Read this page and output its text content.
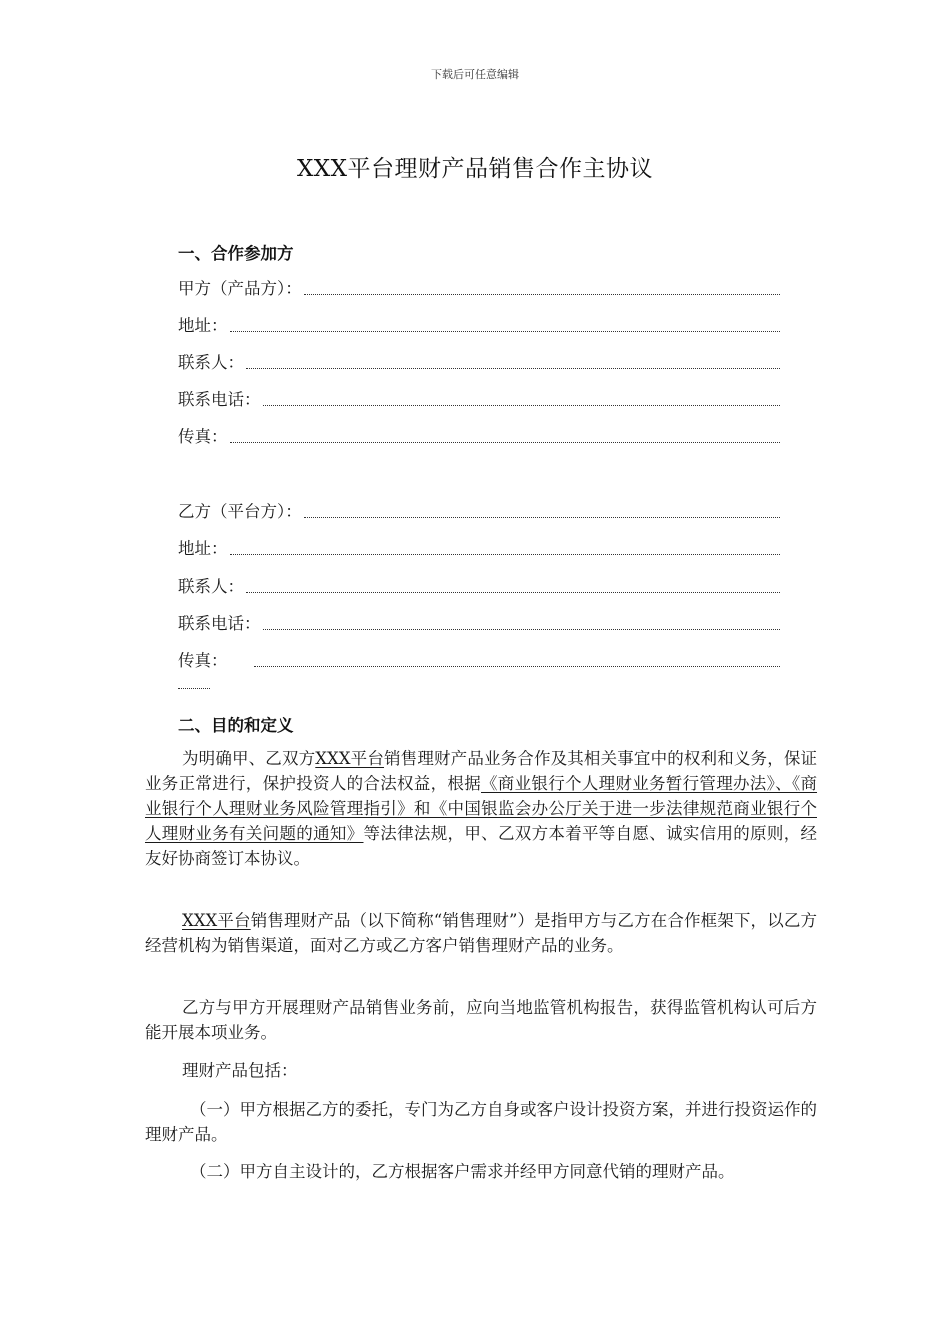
下载后可任意编辑
XXX平台理财产品销售合作主协议
一、合作参加方
甲方（产品方）：
地址：
联系人：
联系电话：
传真：
乙方（平台方）：
地址：
联系人：
联系电话：
传真：
二、目的和定义
为明确甲、乙双方XXX平台销售理财产品业务合作及其相关事宜中的权利和义务，保证业务正常进行，保护投资人的合法权益，根据《商业银行个人理财业务暂行管理办法》、《商业银行个人理财业务风险管理指引》和《中国银监会办公厅关于进一步法律规范商业银行个人理财业务有关问题的通知》等法律法规，甲、乙双方本着平等自愿、诚实信用的原则，经友好协商签订本协议。
XXX平台销售理财产品（以下简称“销售理财”）是指甲方与乙方在合作框架下，以乙方经营机构为销售渠道，面对乙方或乙方客户销售理财产品的业务。
乙方与甲方开展理财产品销售业务前，应向当地监管机构报告，获得监管机构认可后方能开展本项业务。
理财产品包括：
（一）甲方根据乙方的委托，专门为乙方自身或客户设计投资方案，并进行投资运作的理财产品。
（二）甲方自主设计的，乙方根据客户需求并经甲方同意代销的理财产品。
